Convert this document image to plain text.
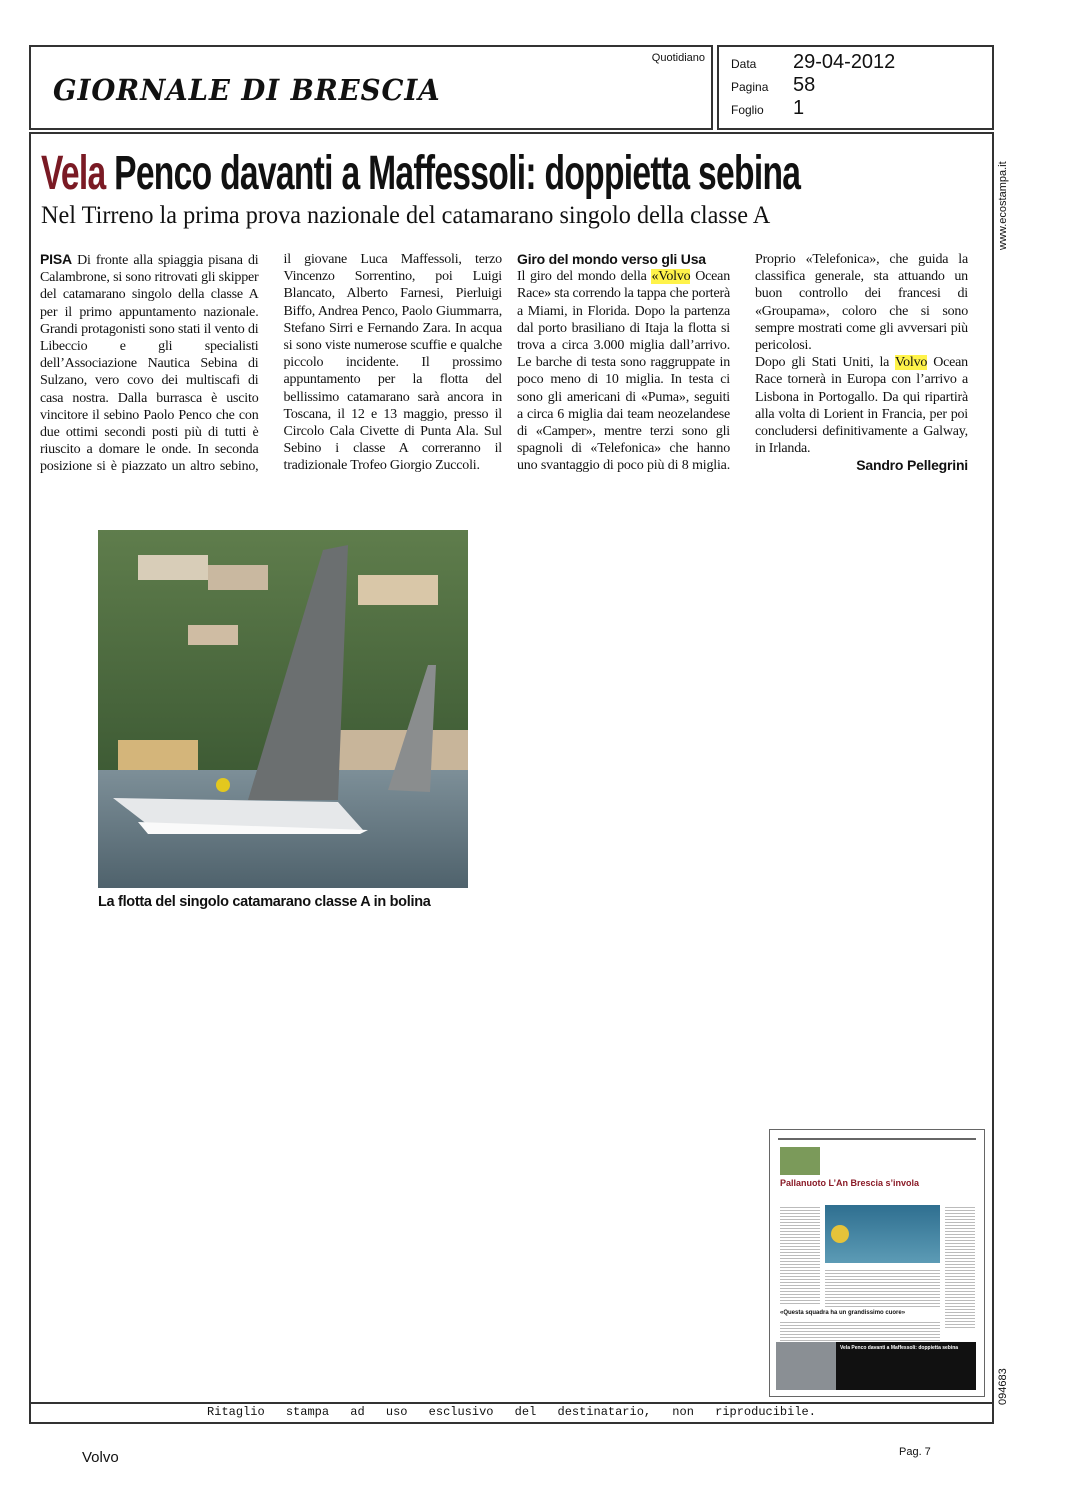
GIORNALE DI BRESCIA
Quotidiano Data 29-04-2012
Pagina 58
Foglio 1
Vela Penco davanti a Maffessoli: doppietta sebina
Nel Tirreno la prima prova nazionale del catamarano singolo della classe A

PISA Di fronte alla spiaggia pisana di Calambrone, si sono ritrovati gli skipper del catamarano singolo della classe A per il primo appuntamento nazionale. Grandi protagonisti sono stati il vento di Libeccio e gli specialisti dell’Associazione Nautica Sebina di Sulzano, vero covo dei multiscafi di casa nostra. Dalla burrasca è uscito vincitore il sebino Paolo Penco che con due ottimi secondi posti più di tutti è riuscito a domare le onde. In seconda posizione si è piazzato un altro sebino, il giovane Luca Maffessoli, terzo Vincenzo Sorrentino, poi Luigi Blancato, Alberto Farnesi, Pierluigi Biffo, Andrea Penco, Paolo Giummarra, Stefano Sirri e Fernando Zara. In acqua si sono viste numerose scuffie e qualche piccolo incidente. Il prossimo appuntamento per la flotta del bellissimo catamarano sarà ancora in Toscana, il 12 e 13 maggio, presso il Circolo Cala Civette di Punta Ala. Sul Sebino i classe A correranno il tradizionale Trofeo Giorgio Zuccoli.

Giro del mondo verso gli Usa

Il giro del mondo della «Volvo Ocean Race» sta correndo la tappa che porterà a Miami, in Florida. Dopo la partenza dal porto brasiliano di Itaja la flotta si trova a circa 3.000 miglia dall’arrivo. Le barche di testa sono raggruppate in poco meno di 10 miglia. In testa ci sono gli americani di «Puma», seguiti a circa 6 miglia dai team neozelandese di «Camper», mentre terzi sono gli spagnoli di «Telefonica» che hanno uno svantaggio di poco più di 8 miglia. Proprio «Telefonica», che guida la classifica generale, sta attuando un buon controllo dei francesi di «Groupama», coloro che si sono sempre mostrati come gli avversari più pericolosi.

Dopo gli Stati Uniti, la Volvo Ocean Race tornerà in Europa con l’arrivo a Lisbona in Portogallo. Da qui ripartirà alla volta di Lorient in Francia, per poi concludersi definitivamente a Galway, in Irlanda.

Sandro Pellegrini

La flotta del singolo catamarano classe A in bolina
Pallanuoto L’An Brescia s’invola
«Questa squadra ha un grandissimo cuore»
Vela Penco davanti a Maffessoli: doppietta sebina
Ritaglio stampa ad uso esclusivo del destinatario, non riproducibile.
www.ecostampa.it
094683
Volvo	Pag. 7
